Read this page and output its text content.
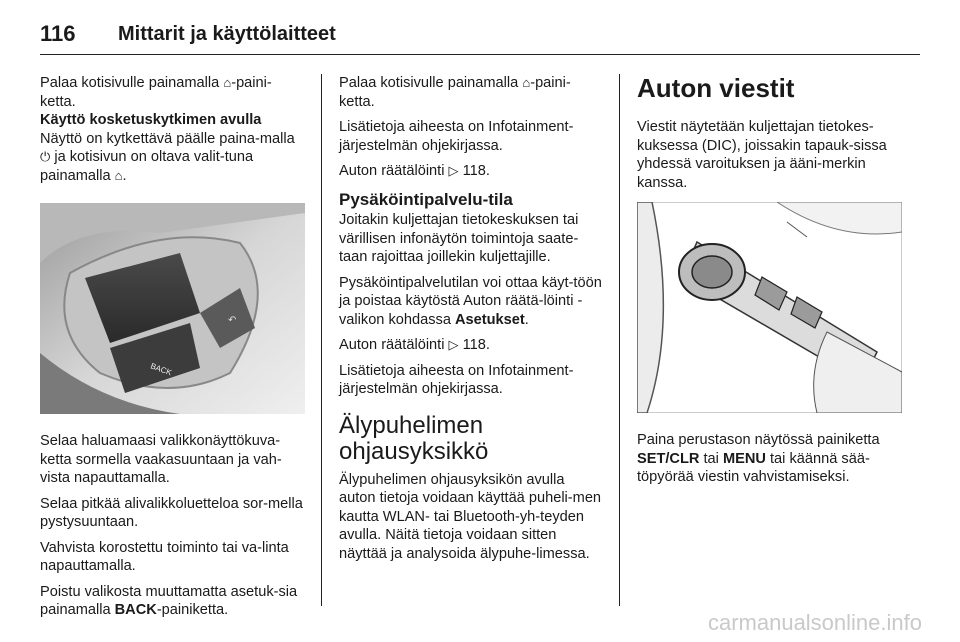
116	Mittarit ja käyttölaitteet

Palaa kotisivulle painamalla ⌂-paini-ketta.

Käyttö kosketuskytkimen avulla

Näyttö on kytkettävä päälle paina-malla ⏻ ja kotisivun on oltava valit-tuna painamalla ⌂.

↶
BACK

Selaa haluamaasi valikkonäyttökuva-ketta sormella vaakasuuntaan ja vah-vista napauttamalla.

Selaa pitkää alivalikkoluetteloa sor-mella pystysuuntaan.

Vahvista korostettu toiminto tai va-linta napauttamalla.

Poistu valikosta muuttamatta asetuk-sia painamalla BACK-painiketta.

Palaa kotisivulle painamalla ⌂-paini-ketta.

Lisätietoja aiheesta on Infotainment-järjestelmän ohjekirjassa.

Auton räätälöinti ▷ 118.

Pysäköintipalvelu-tila

Joitakin kuljettajan tietokeskuksen tai värillisen infonäytön toimintoja saate-taan rajoittaa joillekin kuljettajille.

Pysäköintipalvelutilan voi ottaa käyt-töön ja poistaa käytöstä Auton räätä-löinti -valikon kohdassa Asetukset.

Auton räätälöinti ▷ 118.

Lisätietoja aiheesta on Infotainment-järjestelmän ohjekirjassa.

Älypuhelimen
ohjausyksikkö

Älypuhelimen ohjausyksikön avulla auton tietoja voidaan käyttää puheli-men kautta WLAN- tai Bluetooth-yh-teyden avulla. Näitä tietoja voidaan sitten näyttää ja analysoida älypuhe-limessa.

Auton viestit

Viestit näytetään kuljettajan tietokes-kuksessa (DIC), joissakin tapauk-sissa yhdessä varoituksen ja ääni-merkin kanssa.

Paina perustason näytössä painiketta SET/CLR tai MENU tai käännä sää-töpyörää viestin vahvistamiseksi.

carmanualsonline.info
